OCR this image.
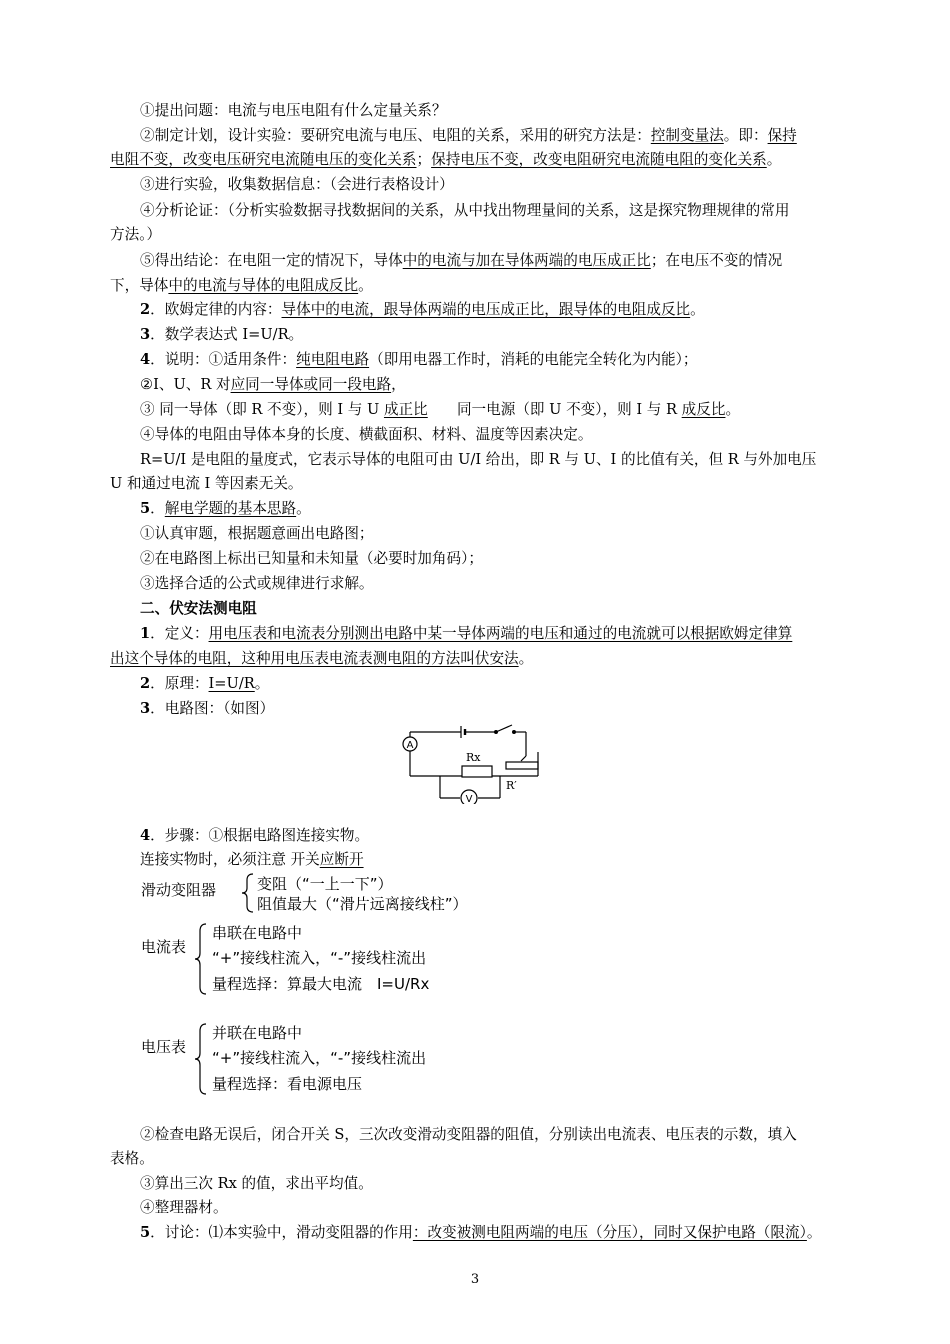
①提出问题：电流与电压电阻有什么定量关系？
②制定计划，设计实验：要研究电流与电压、电阻的关系，采用的研究方法是：控制变量法。即：保持
电阻不变，改变电压研究电流随电压的变化关系；保持电压不变，改变电阻研究电流随电阻的变化关系。
③进行实验，收集数据信息：（会进行表格设计）
④分析论证：（分析实验数据寻找数据间的关系，从中找出物理量间的关系，这是探究物理规律的常用
方法。）
⑤得出结论：在电阻一定的情况下，导体中的电流与加在导体两端的电压成正比；在电压不变的情况
下，导体中的电流与导体的电阻成反比。
2．欧姆定律的内容：导体中的电流，跟导体两端的电压成正比，跟导体的电阻成反比。
3．数学表达式 I=U/R。
4．说明：①适用条件：纯电阻电路（即用电器工作时，消耗的电能完全转化为内能）；
②I、U、R 对应同一导体或同一段电路，
③ 同一导体（即 R 不变），则 I 与 U 成正比　　同一电源（即 U 不变），则 I 与 R 成反比。
④导体的电阻由导体本身的长度、横截面积、材料、温度等因素决定。
R=U/I 是电阻的量度式，它表示导体的电阻可由 U/I 给出，即 R 与 U、I 的比值有关，但 R 与外加电压
U 和通过电流 I 等因素无关。
5．解电学题的基本思路。
①认真审题，根据题意画出电路图；
②在电路图上标出已知量和未知量（必要时加角码）；
③选择合适的公式或规律进行求解。
二、伏安法测电阻
1．定义：用电压表和电流表分别测出电路中某一导体两端的电压和通过的电流就可以根据欧姆定律算
出这个导体的电阻，这种用电压表电流表测电阻的方法叫伏安法。
2．原理：I=U/R。
3．电路图：（如图）
A
V
Rx
R′
4．步骤：①根据电路图连接实物。
连接实物时，必须注意 开关应断开
滑动变阻器	变阻（“一上一下”）
阻值最大（“滑片远离接线柱”）
电流表
串联在电路中
“+”接线柱流入，“-”接线柱流出
量程选择：算最大电流　I=U/Rx
电压表
并联在电路中
“+”接线柱流入，“-”接线柱流出
量程选择：看电源电压
②检查电路无误后，闭合开关 S，三次改变滑动变阻器的阻值，分别读出电流表、电压表的示数，填入
表格。
③算出三次 Rx 的值，求出平均值。
④整理器材。
5．讨论：⑴本实验中，滑动变阻器的作用：改变被测电阻两端的电压（分压），同时又保护电路（限流）。
3
